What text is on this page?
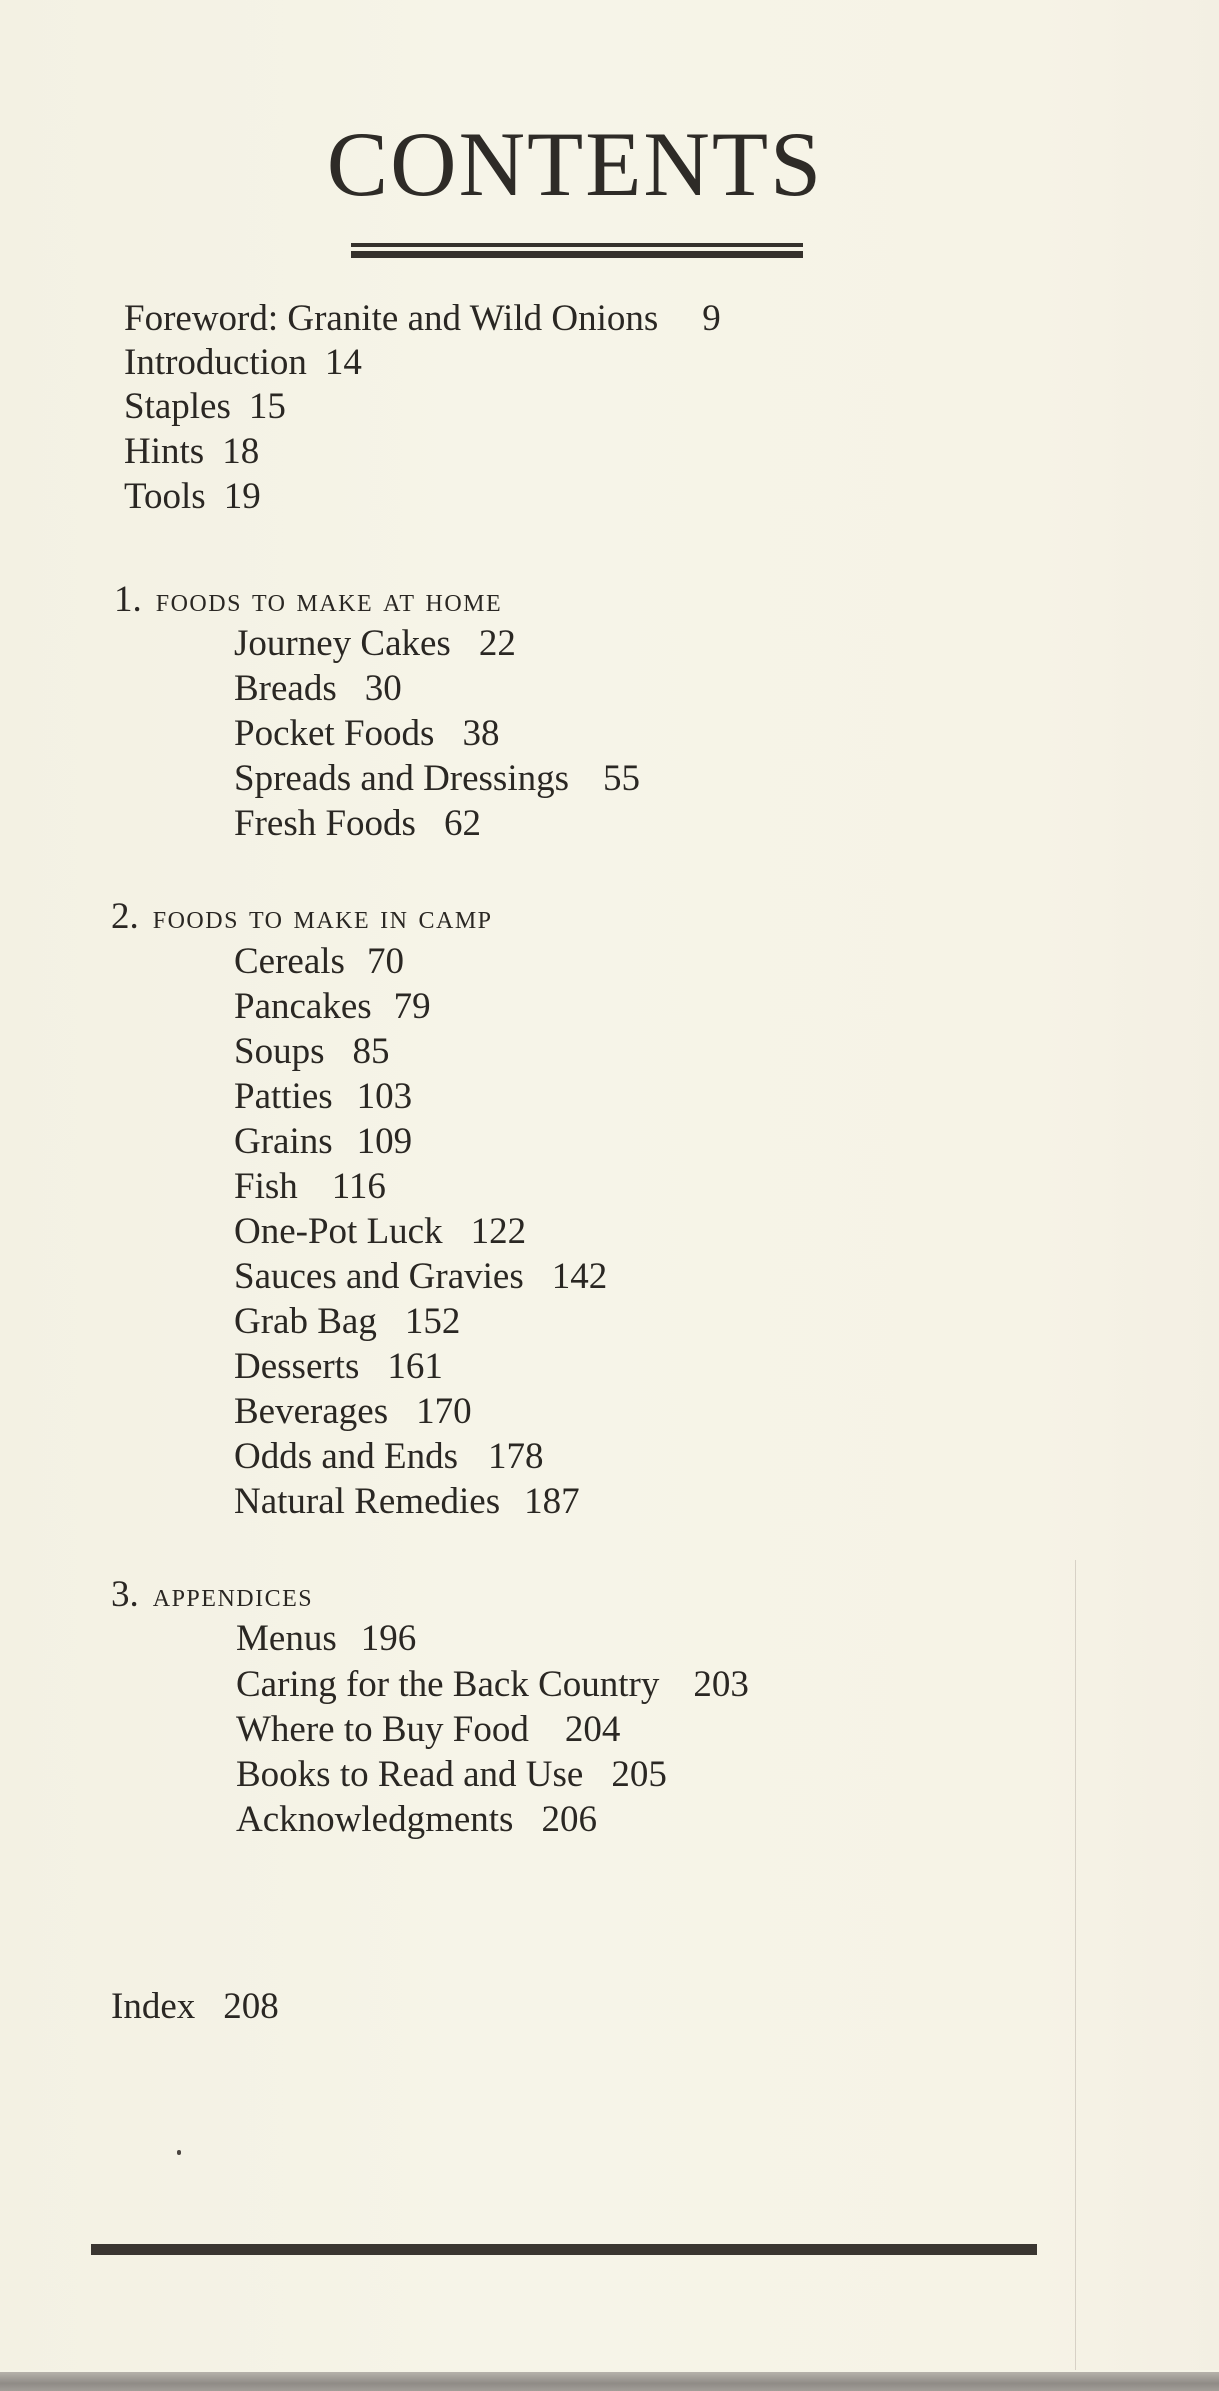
CONTENTS
Foreword: Granite and Wild Onions 9
Introduction 14
Staples 15
Hints 18
Tools 19
1. foods to make at home
Journey Cakes 22
Breads 30
Pocket Foods 38
Spreads and Dressings 55
Fresh Foods 62
2. foods to make in camp
Cereals 70
Pancakes 79
Soups 85
Patties 103
Grains 109
Fish 116
One-Pot Luck 122
Sauces and Gravies 142
Grab Bag 152
Desserts 161
Beverages 170
Odds and Ends 178
Natural Remedies 187
3. appendices
Menus 196
Caring for the Back Country 203
Where to Buy Food 204
Books to Read and Use 205
Acknowledgments 206
Index 208
